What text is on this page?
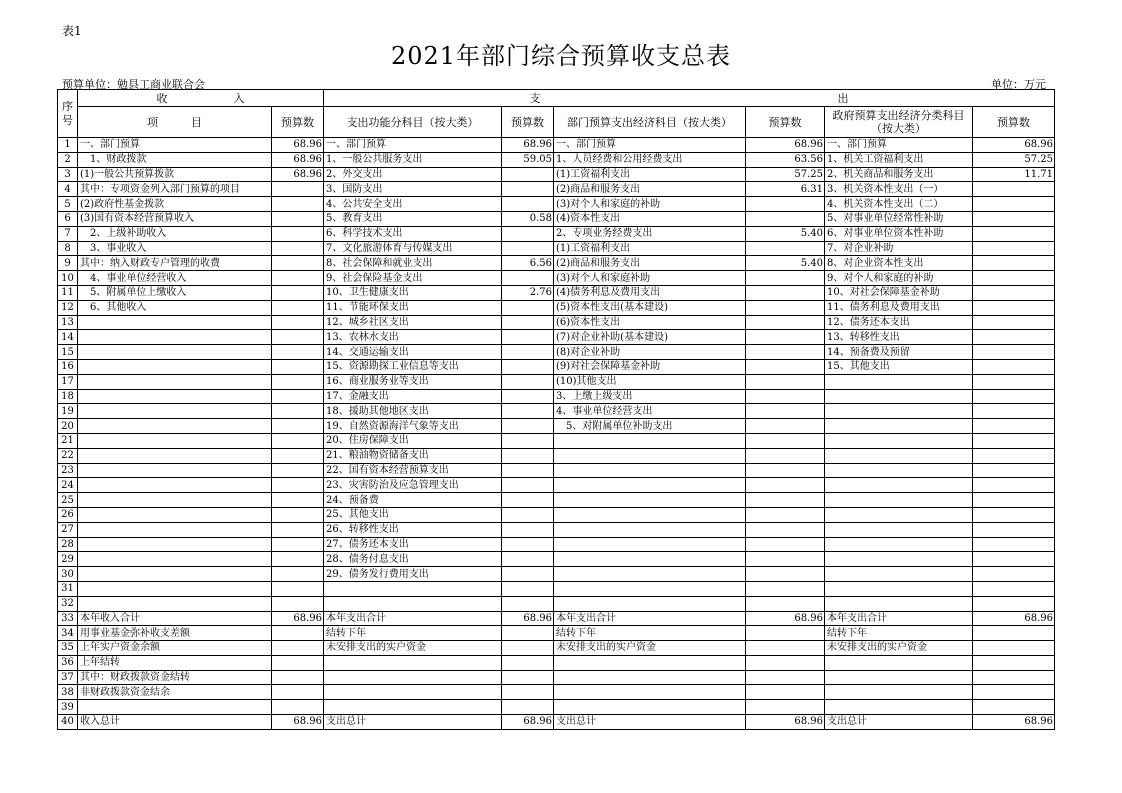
表1
2021年部门综合预算收支总表
预算单位：勉县工商业联合会	单位：万元
序号	收　　　　　　入		支　　　　　　　　　　　　　　　　　　　　　　　　　　　出					
	项　　　目	预算数	支出功能分科目（按大类）	预算数	部门预算支出经济科目（按大类）	预算数	政府预算支出经济分类科目（按大类）	预算数
1	一、部门预算	68.96	一、部门预算	68.96	一、部门预算	68.96	一、部门预算	68.96
2	　1、财政拨款	68.96	1、一般公共服务支出	59.05	1、人员经费和公用经费支出	63.56	1、机关工资福利支出	57.25
3	(1)一般公共预算拨款	68.96	2、外交支出		(1)工资福利支出	57.25	2、机关商品和服务支出	11.71
4	其中：专项资金列入部门预算的项目		3、国防支出		(2)商品和服务支出	6.31	3、机关资本性支出（一）	
5	(2)政府性基金拨款		4、公共安全支出		(3)对个人和家庭的补助		4、机关资本性支出（二）	
6	(3)国有资本经营预算收入		5、教育支出	0.58	(4)资本性支出		5、对事业单位经常性补助	
7	　2、上级补助收入		6、科学技术支出		2、专项业务经费支出	5.40	6、对事业单位资本性补助	
8	　3、事业收入		7、文化旅游体育与传媒支出		(1)工资福利支出		7、对企业补助	
9	其中：纳入财政专户管理的收费		8、社会保障和就业支出	6.56	(2)商品和服务支出	5.40	8、对企业资本性支出	
10	　4、事业单位经营收入		9、社会保险基金支出		(3)对个人和家庭补助		9、对个人和家庭的补助	
11	　5、附属单位上缴收入		10、卫生健康支出	2.76	(4)债务利息及费用支出		10、对社会保障基金补助	
12	　6、其他收入		11、节能环保支出		(5)资本性支出(基本建设)		11、债务利息及费用支出	
13			12、城乡社区支出		(6)资本性支出		12、债务还本支出	
14			13、农林水支出		(7)对企业补助(基本建设)		13、转移性支出	
15			14、交通运输支出		(8)对企业补助		14、预备费及预留	
16			15、资源勘探工业信息等支出		(9)对社会保障基金补助		15、其他支出	
17			16、商业服务业等支出		(10)其他支出			
18			17、金融支出		3、上缴上级支出			
19			18、援助其他地区支出		4、事业单位经营支出			
20			19、自然资源海洋气象等支出		　5、对附属单位补助支出			
21			20、住房保障支出					
22			21、粮油物资储备支出					
23			22、国有资本经营预算支出					
24			23、灾害防治及应急管理支出					
25			24、预备费					
26			25、其他支出					
27			26、转移性支出					
28			27、债务还本支出					
29			28、债务付息支出					
30			29、债务发行费用支出					
31								
32								
33	本年收入合计	68.96	本年支出合计	68.96	本年支出合计	68.96	本年支出合计	68.96
34	用事业基金弥补收支差额		结转下年		结转下年		结转下年	
35	上年实户资金余额		未安排支出的实户资金		未安排支出的实户资金		未安排支出的实户资金	
36	上年结转							
37	其中：财政拨款资金结转							
38	非财政拨款资金结余							
39								
40	收入总计	68.96	支出总计	68.96	支出总计	68.96	支出总计	68.96
